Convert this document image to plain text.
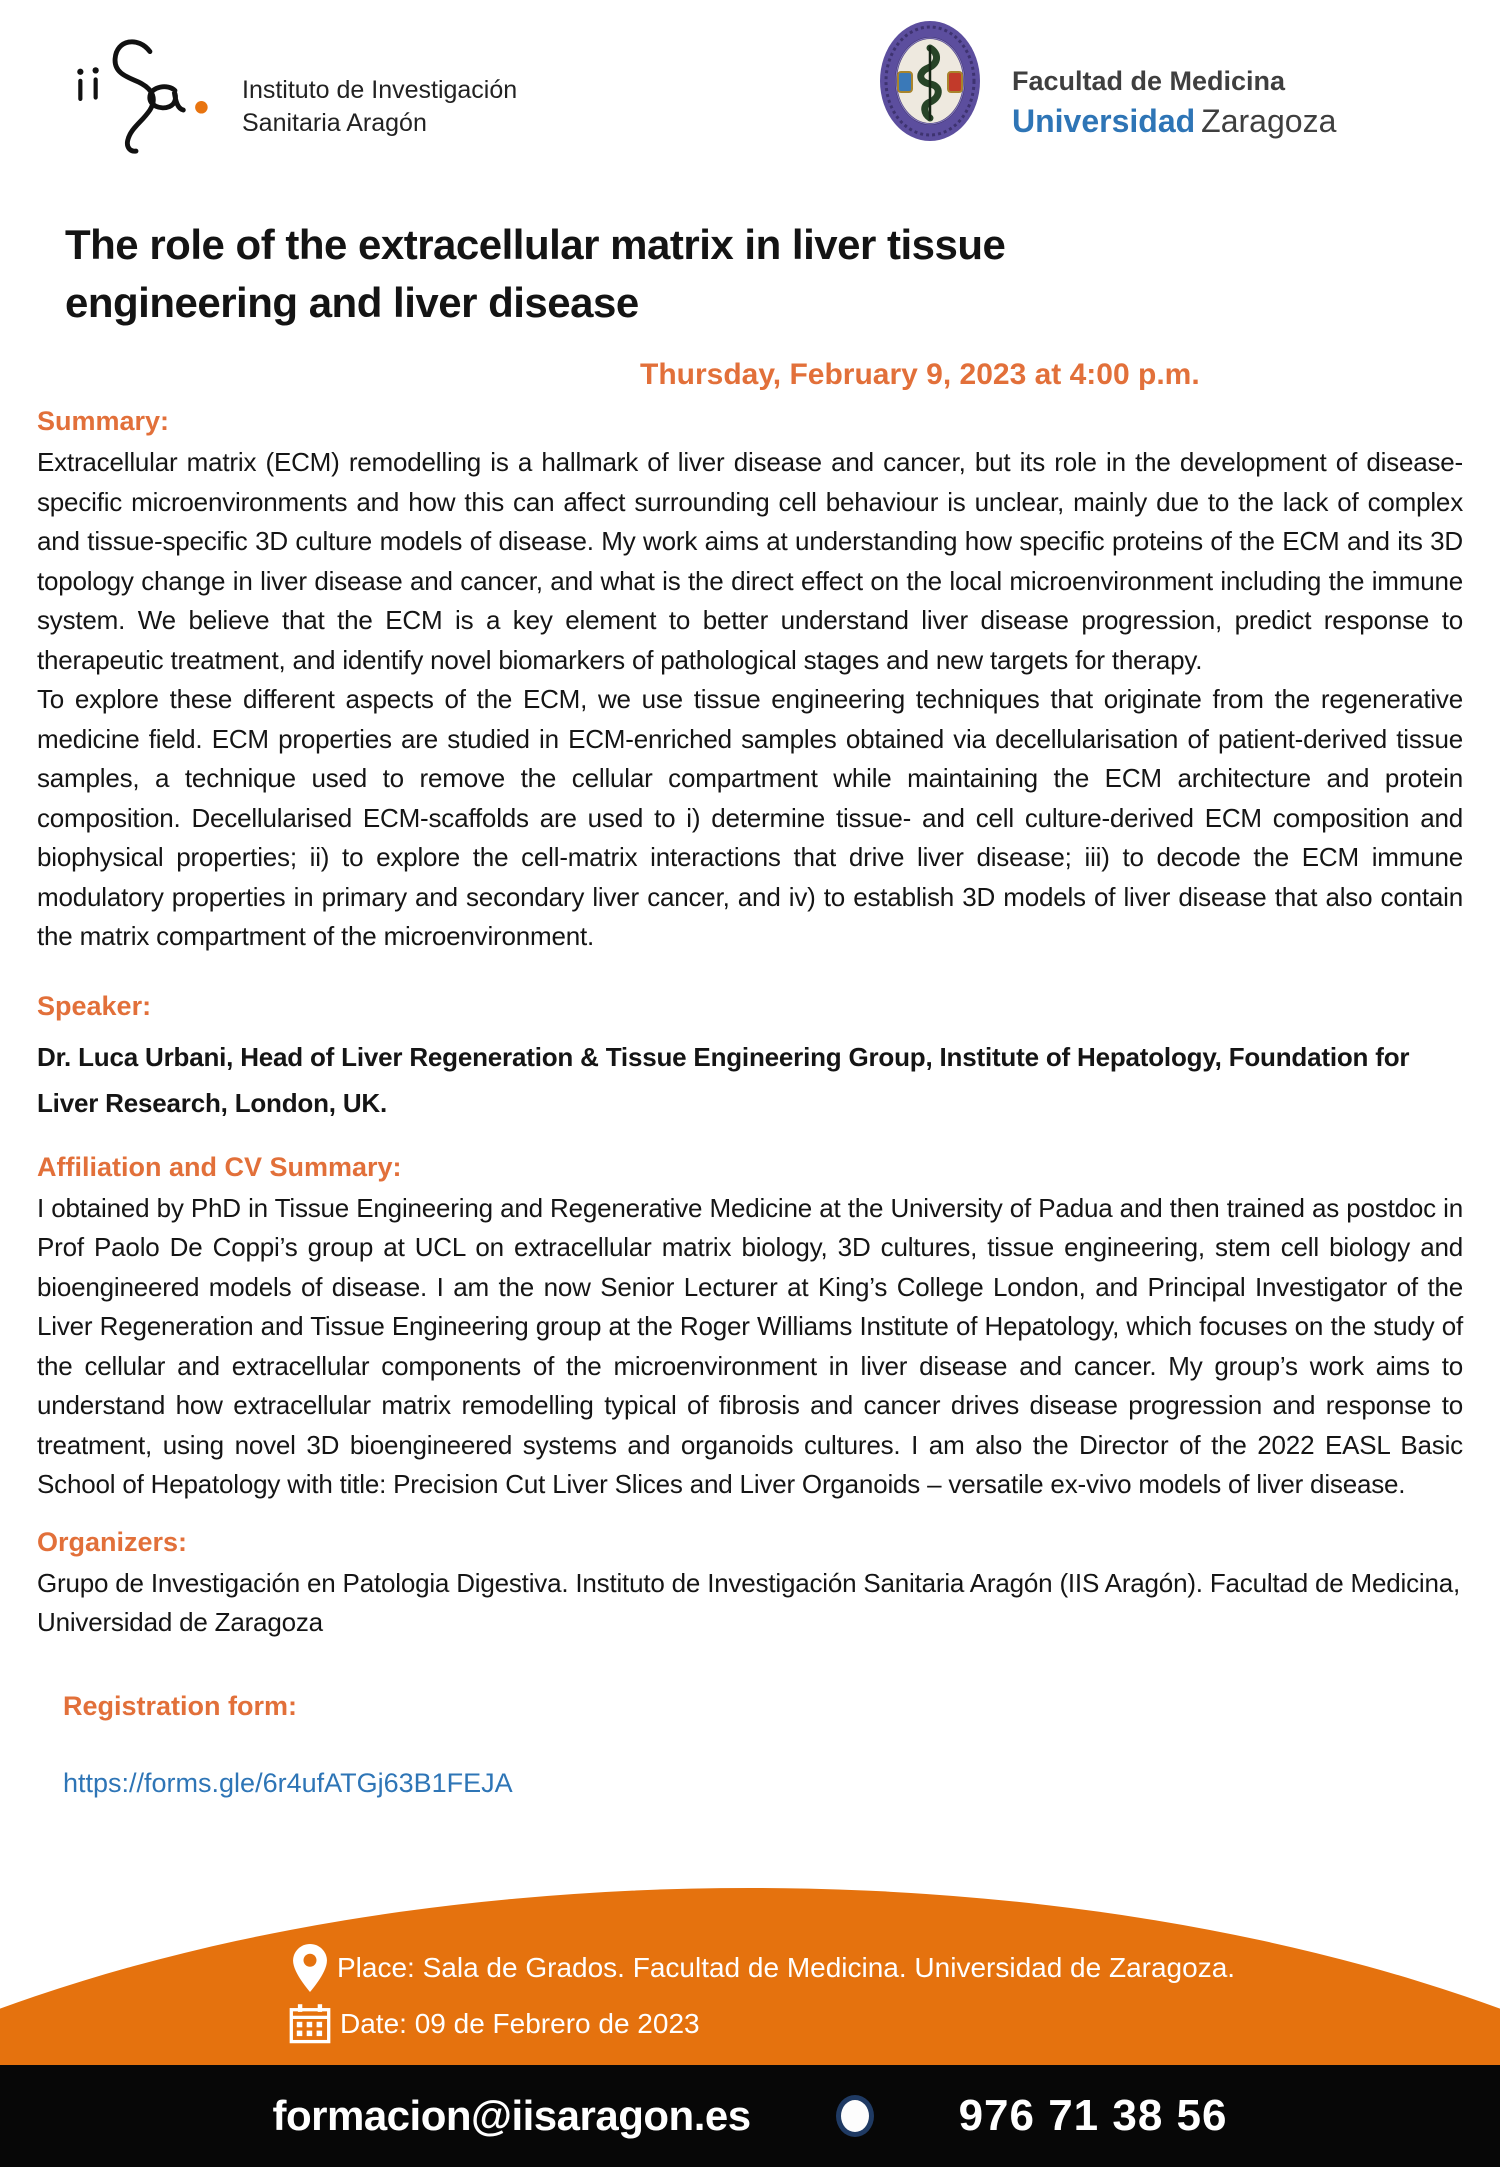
Instituto de Investigación
Sanitaria Aragón
Facultad de Medicina
Universidad Zaragoza
The role of the extracellular matrix in liver tissue
engineering and liver disease
Thursday, February 9, 2023 at 4:00 p.m.
Summary:

Extracellular matrix (ECM) remodelling is a hallmark of liver disease and cancer, but its role in the development of disease-specific microenvironments and how this can affect surrounding cell behaviour is unclear, mainly due to the lack of complex and tissue-specific 3D culture models of disease. My work aims at understanding how specific proteins of the ECM and its 3D topology change in liver disease and cancer, and what is the direct effect on the local microenvironment including the immune system. We believe that the ECM is a key element to better understand liver disease progression, predict response to therapeutic treatment, and identify novel biomarkers of pathological stages and new targets for therapy.

To explore these different aspects of the ECM, we use tissue engineering techniques that originate from the regenerative medicine field. ECM properties are studied in ECM-enriched samples obtained via decellularisation of patient-derived tissue samples, a technique used to remove the cellular compartment while maintaining the ECM architecture and protein composition. Decellularised ECM-scaffolds are used to i) determine tissue- and cell culture-derived ECM composition and biophysical properties; ii) to explore the cell-matrix interactions that drive liver disease; iii) to decode the ECM immune modulatory properties in primary and secondary liver cancer, and iv) to establish 3D models of liver disease that also contain the matrix compartment of the microenvironment.

Speaker:

Dr. Luca Urbani, Head of Liver Regeneration & Tissue Engineering Group, Institute of Hepatology, Foundation for Liver Research, London, UK.

Affiliation and CV Summary:

I obtained by PhD in Tissue Engineering and Regenerative Medicine at the University of Padua and then trained as postdoc in Prof Paolo De Coppi’s group at UCL on extracellular matrix biology, 3D cultures, tissue engineering, stem cell biology and bioengineered models of disease. I am the now Senior Lecturer at King’s College London, and Principal Investigator of the Liver Regeneration and Tissue Engineering group at the Roger Williams Institute of Hepatology, which focuses on the study of the cellular and extracellular components of the microenvironment in liver disease and cancer. My group’s work aims to understand how extracellular matrix remodelling typical of fibrosis and cancer drives disease progression and response to treatment, using novel 3D bioengineered systems and organoids cultures. I am also the Director of the 2022 EASL Basic School of Hepatology with title: Precision Cut Liver Slices and Liver Organoids – versatile ex-vivo models of liver disease.

Organizers:

Grupo de Investigación en Patologia Digestiva. Instituto de Investigación Sanitaria Aragón (IIS Aragón). Facultad de Medicina, Universidad de Zaragoza

Registration form:

https://forms.gle/6r4ufATGj63B1FEJA
Place: Sala de Grados. Facultad de Medicina. Universidad de Zaragoza.
Date: 09 de Febrero de 2023
formacion@iisaragon.es	976 71 38 56
